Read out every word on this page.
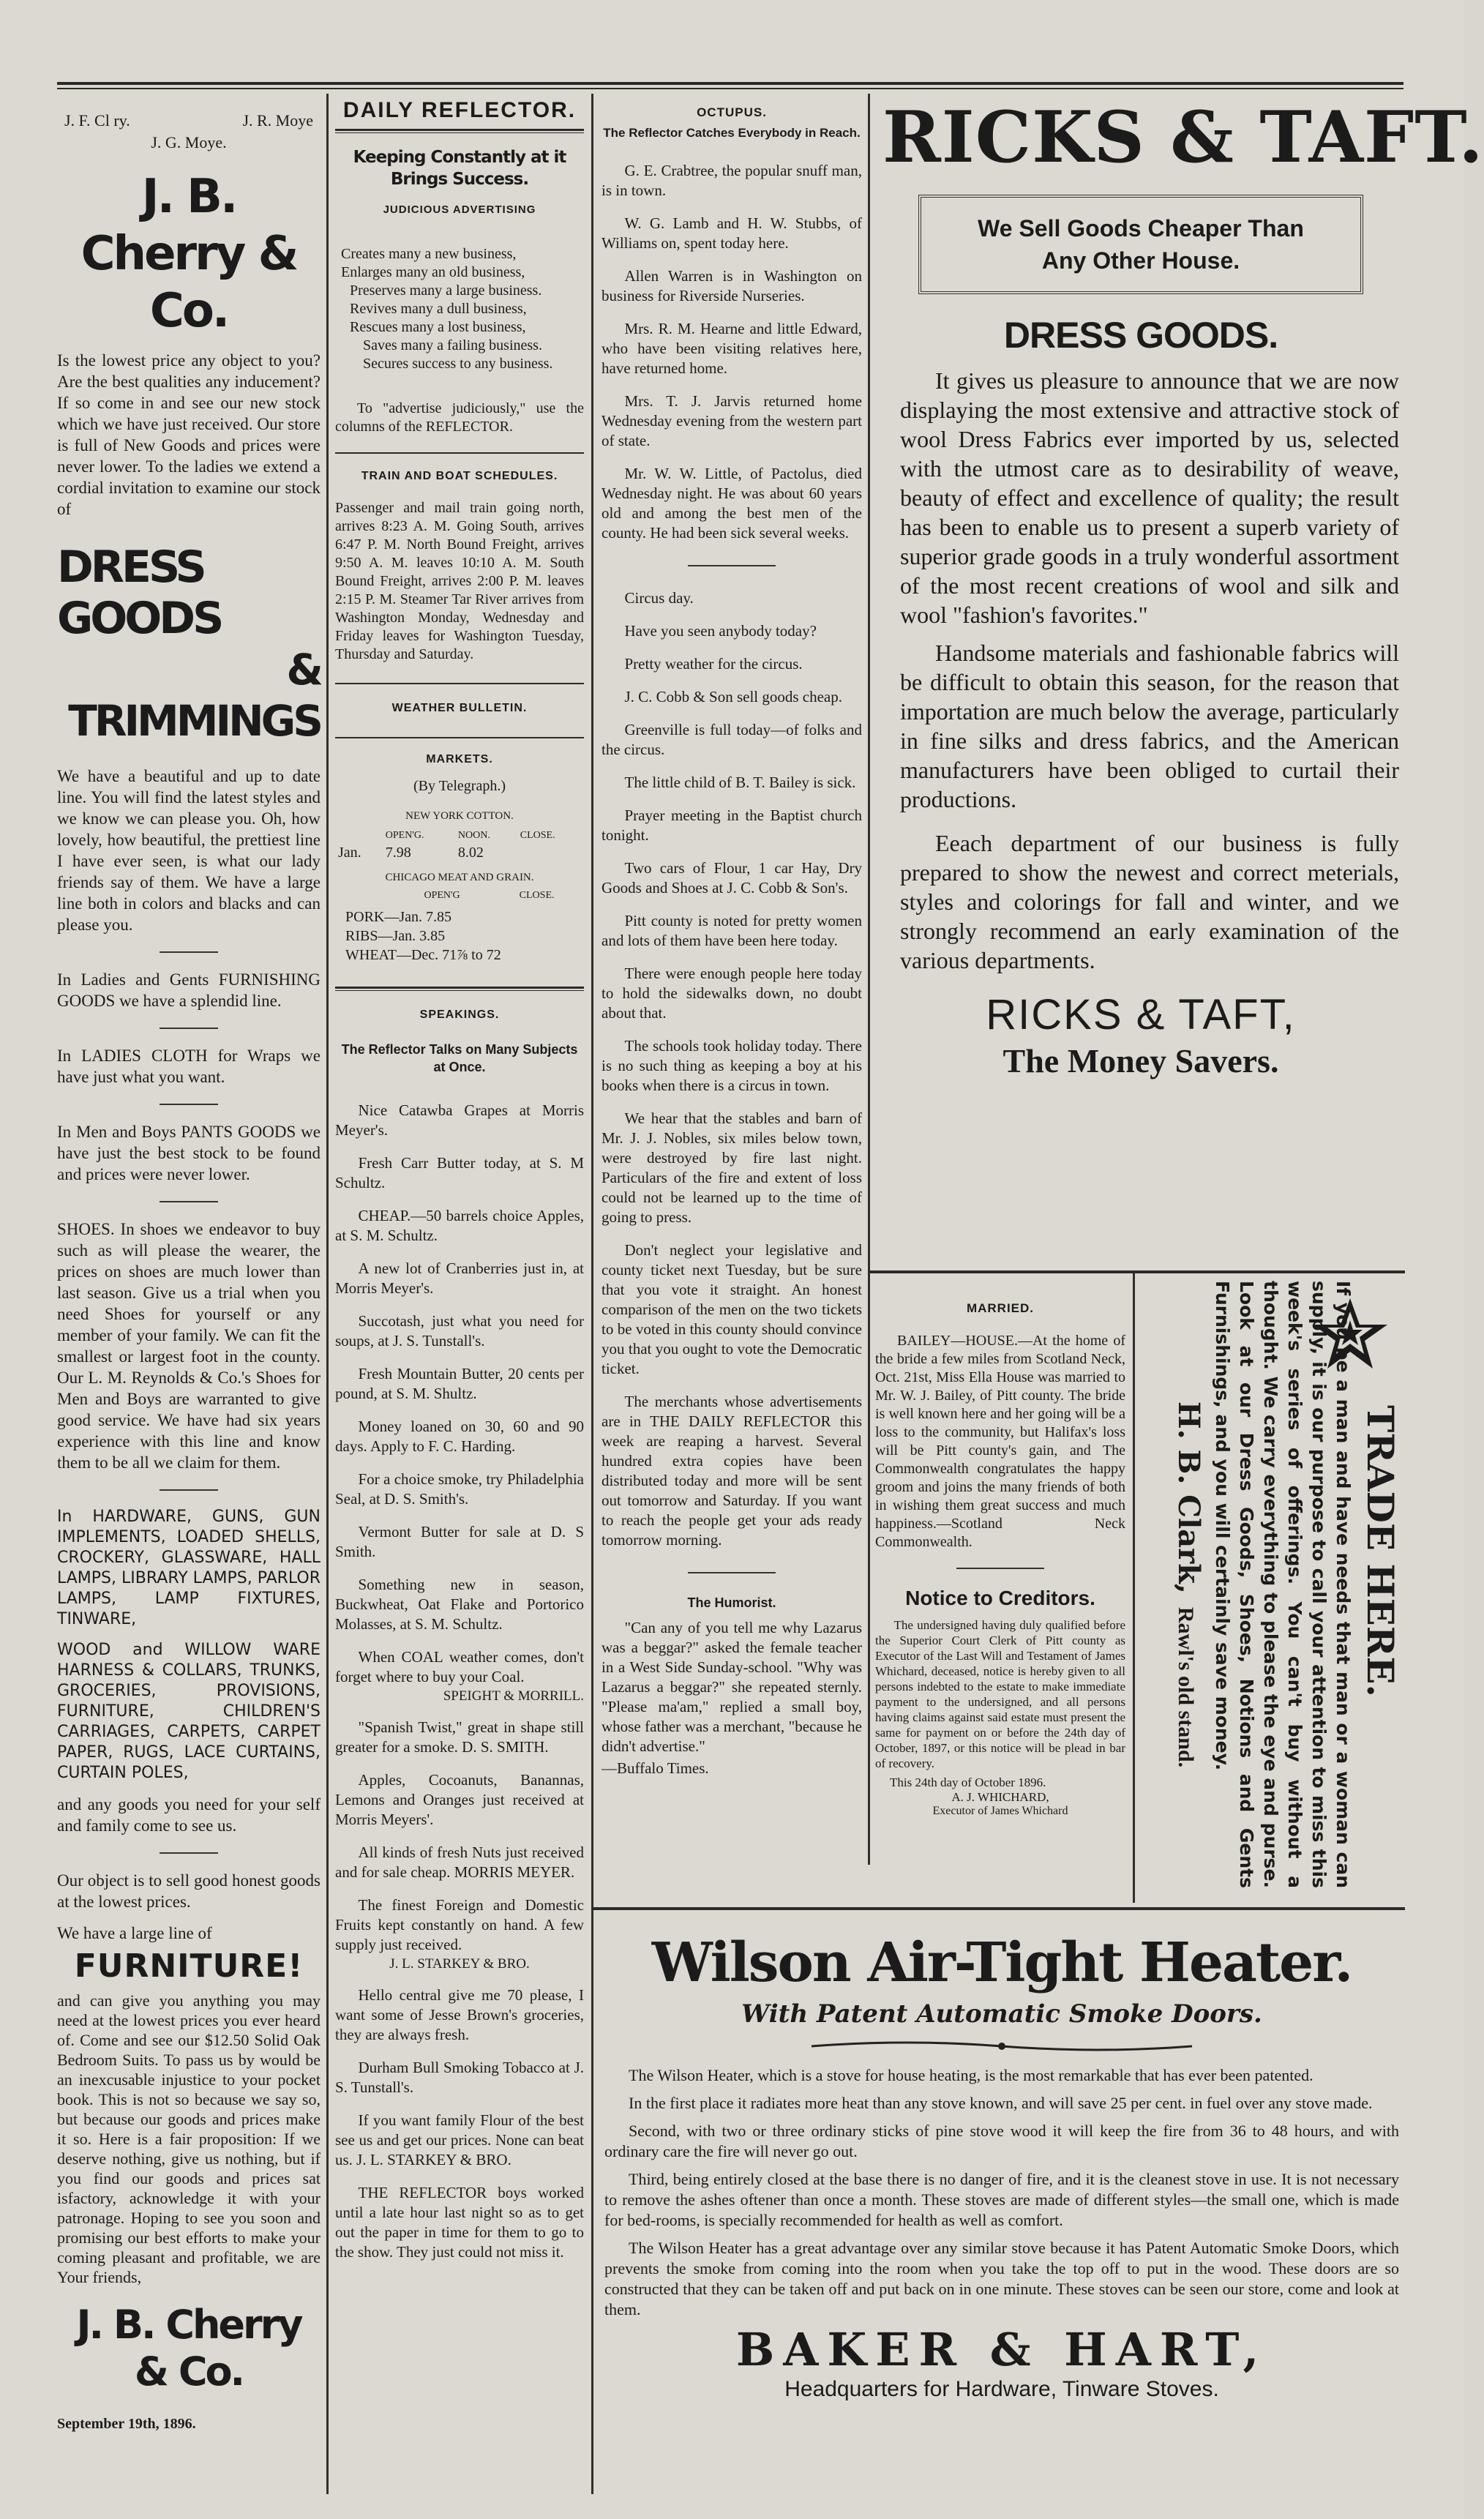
J. F. Cl ry.	J. R. Moye
J. G. Moye.
J. B. Cherry & Co.

Is the lowest price any object to you? Are the best qualities any inducement? If so come in and see our new stock which we have just received. Our store is full of New Goods and prices were never lower. To the ladies we extend a cordial invitation to examine our stock of

DRESS GOODS
& TRIMMINGS

We have a beautiful and up to date line. You will find the latest styles and we know we can please you. Oh, how lovely, how beautiful, the prettiest line I have ever seen, is what our lady friends say of them. We have a large line both in colors and blacks and can please you.

In Ladies and Gents FURNISHING GOODS we have a splendid line.

In LADIES CLOTH for Wraps we have just what you want.

In Men and Boys PANTS GOODS we have just the best stock to be found and prices were never lower.

SHOES. In shoes we endeavor to buy such as will please the wearer, the prices on shoes are much lower than last season. Give us a trial when you need Shoes for yourself or any member of your family. We can fit the smallest or largest foot in the county. Our L. M. Reynolds & Co.'s Shoes for Men and Boys are warranted to give good service. We have had six years experience with this line and know them to be all we claim for them.

In HARDWARE, GUNS, GUN IMPLEMENTS, LOADED SHELLS, CROCKERY, GLASSWARE, HALL LAMPS, LIBRARY LAMPS, PARLOR LAMPS, LAMP FIXTURES, TINWARE,

WOOD and WILLOW WARE HARNESS & COLLARS, TRUNKS, GROCERIES, PROVISIONS, FURNITURE, CHILDREN'S CARRIAGES, CARPETS, CARPET PAPER, RUGS, LACE CURTAINS, CURTAIN POLES,

and any goods you need for your self and family come to see us.

Our object is to sell good honest goods at the lowest prices.

We have a large line of

FURNITURE!

and can give you anything you may need at the lowest prices you ever heard of. Come and see our $12.50 Solid Oak Bedroom Suits. To pass us by would be an inexcusable injustice to your pocket book. This is not so because we say so, but because our goods and prices make it so. Here is a fair proposition: If we deserve nothing, give us nothing, but if you find our goods and prices sat isfactory, acknowledge it with your patronage. Hoping to see you soon and promising our best efforts to make your coming pleasant and profitable, we are Your friends,

J. B. Cherry & Co.
September 19th, 1896.
DAILY REFLECTOR.
Keeping Constantly at it Brings Success.
JUDICIOUS ADVERTISING
Creates many a new business,
Enlarges many an old business,
Preserves many a large business.
Revives many a dull business,
Rescues many a lost business,
Saves many a failing business.
Secures success to any business.

To "advertise judiciously," use the columns of the REFLECTOR.

TRAIN AND BOAT SCHEDULES.

Passenger and mail train going north, arrives 8:23 A. M. Going South, arrives 6:47 P. M. North Bound Freight, arrives 9:50 A. M. leaves 10:10 A. M. South Bound Freight, arrives 2:00 P. M. leaves 2:15 P. M. Steamer Tar River arrives from Washington Monday, Wednesday and Friday leaves for Washington Tuesday, Thursday and Saturday.

WEATHER BULLETIN.
MARKETS.
(By Telegraph.)
NEW YORK COTTON.
	OPEN'G.	NOON.	CLOSE.
Jan.	7.98	8.02	
CHICAGO MEAT AND GRAIN.
OPEN'G	CLOSE.
PORK—Jan. 7.85
RIBS—Jan. 3.85
WHEAT—Dec. 71⅞ to 72
SPEAKINGS.
The Reflector Talks on Many Subjects at Once.

Nice Catawba Grapes at Morris Meyer's.

Fresh Carr Butter today, at S. M Schultz.

CHEAP.—50 barrels choice Apples, at S. M. Schultz.

A new lot of Cranberries just in, at Morris Meyer's.

Succotash, just what you need for soups, at J. S. Tunstall's.

Fresh Mountain Butter, 20 cents per pound, at S. M. Shultz.

Money loaned on 30, 60 and 90 days. Apply to F. C. Harding.

For a choice smoke, try Philadelphia Seal, at D. S. Smith's.

Vermont Butter for sale at D. S Smith.

Something new in season, Buckwheat, Oat Flake and Portorico Molasses, at S. M. Schultz.

When COAL weather comes, don't forget where to buy your Coal.

SPEIGHT & MORRILL.

"Spanish Twist," great in shape still greater for a smoke. D. S. SMITH.

Apples, Cocoanuts, Banannas, Lemons and Oranges just received at Morris Meyers'.

All kinds of fresh Nuts just received and for sale cheap. MORRIS MEYER.

The finest Foreign and Domestic Fruits kept constantly on hand. A few supply just received.

J. L. STARKEY & BRO.

Hello central give me 70 please, I want some of Jesse Brown's groceries, they are always fresh.

Durham Bull Smoking Tobacco at J. S. Tunstall's.

If you want family Flour of the best see us and get our prices. None can beat us. J. L. STARKEY & BRO.

THE REFLECTOR boys worked until a late hour last night so as to get out the paper in time for them to go to the show. They just could not miss it.

OCTUPUS.
The Reflector Catches Everybody in Reach.

G. E. Crabtree, the popular snuff man, is in town.

W. G. Lamb and H. W. Stubbs, of Williams on, spent today here.

Allen Warren is in Washington on business for Riverside Nurseries.

Mrs. R. M. Hearne and little Edward, who have been visiting relatives here, have returned home.

Mrs. T. J. Jarvis returned home Wednesday evening from the western part of state.

Mr. W. W. Little, of Pactolus, died Wednesday night. He was about 60 years old and among the best men of the county. He had been sick several weeks.

Circus day.

Have you seen anybody today?

Pretty weather for the circus.

J. C. Cobb & Son sell goods cheap.

Greenville is full today—of folks and the circus.

The little child of B. T. Bailey is sick.

Prayer meeting in the Baptist church tonight.

Two cars of Flour, 1 car Hay, Dry Goods and Shoes at J. C. Cobb & Son's.

Pitt county is noted for pretty women and lots of them have been here today.

There were enough people here today to hold the sidewalks down, no doubt about that.

The schools took holiday today. There is no such thing as keeping a boy at his books when there is a circus in town.

We hear that the stables and barn of Mr. J. J. Nobles, six miles below town, were destroyed by fire last night. Particulars of the fire and extent of loss could not be learned up to the time of going to press.

Don't neglect your legislative and county ticket next Tuesday, but be sure that you vote it straight. An honest comparison of the men on the two tickets to be voted in this county should convince you that you ought to vote the Democratic ticket.

The merchants whose advertisements are in THE DAILY REFLECTOR this week are reaping a harvest. Several hundred extra copies have been distributed today and more will be sent out tomorrow and Saturday. If you want to reach the people get your ads ready tomorrow morning.

The Humorist.

"Can any of you tell me why Lazarus was a beggar?" asked the female teacher in a West Side Sunday-school. "Why was Lazarus a beggar?" she repeated sternly. "Please ma'am," replied a small boy, whose father was a merchant, "because he didn't advertise."

—Buffalo Times.
RICKS & TAFT.
We Sell Goods Cheaper Than
Any Other House.
DRESS GOODS.

It gives us pleasure to announce that we are now displaying the most extensive and attractive stock of wool Dress Fabrics ever imported by us, selected with the utmost care as to desirability of weave, beauty of effect and excellence of quality; the result has been to enable us to present a superb variety of superior grade goods in a truly wonderful assortment of the most recent creations of wool and silk and wool "fashion's favorites."

Handsome materials and fashionable fabrics will be difficult to obtain this season, for the reason that importation are much below the average, particularly in fine silks and dress fabrics, and the American manufacturers have been obliged to curtail their productions.

Eeach department of our business is fully prepared to show the newest and correct meterials, styles and colorings for fall and winter, and we strongly recommend an early examination of the various departments.

RICKS & TAFT,
The Money Savers.
MARRIED.

BAILEY—HOUSE.—At the home of the bride a few miles from Scotland Neck, Oct. 21st, Miss Ella House was married to Mr. W. J. Bailey, of Pitt county. The bride is well known here and her going will be a loss to the community, but Halifax's loss will be Pitt county's gain, and The Commonwealth congratulates the happy groom and joins the many friends of both in wishing them great success and much happiness.—Scotland Neck Commonwealth.

Notice to Creditors.

The undersigned having duly qualified before the Superior Court Clerk of Pitt county as Executor of the Last Will and Testament of James Whichard, deceased, notice is hereby given to all persons indebted to the estate to make immediate payment to the undersigned, and all persons having claims against said estate must present the same for payment on or before the 24th day of October, 1897, or this notice will be plead in bar of recovery.

This 24th day of October 1896.
A. J. WHICHARD,
Executor of James Whichard
TRADE HERE.

If you be a man and have needs that man or a woman can supply, it is our purpose to call your attention to miss this week's series of offerings. You can't buy without a thought. We carry everything to please the eye and purse. Look at our Dress Goods, Shoes, Notions and Gents Furnishings, and you will certainly save money.

H. B. Clark,
Rawl's old stand.
Wilson Air-Tight Heater.
With Patent Automatic Smoke Doors.

The Wilson Heater, which is a stove for house heating, is the most remarkable that has ever been patented.

In the first place it radiates more heat than any stove known, and will save 25 per cent. in fuel over any stove made.

Second, with two or three ordinary sticks of pine stove wood it will keep the fire from 36 to 48 hours, and with ordinary care the fire will never go out.

Third, being entirely closed at the base there is no danger of fire, and it is the cleanest stove in use. It is not necessary to remove the ashes oftener than once a month. These stoves are made of different styles—the small one, which is made for bed-rooms, is specially recommended for health as well as comfort.

The Wilson Heater has a great advantage over any similar stove because it has Patent Automatic Smoke Doors, which prevents the smoke from coming into the room when you take the top off to put in the wood. These doors are so constructed that they can be taken off and put back on in one minute. These stoves can be seen our store, come and look at them.

BAKER & HART,
Headquarters for Hardware, Tinware Stoves.
